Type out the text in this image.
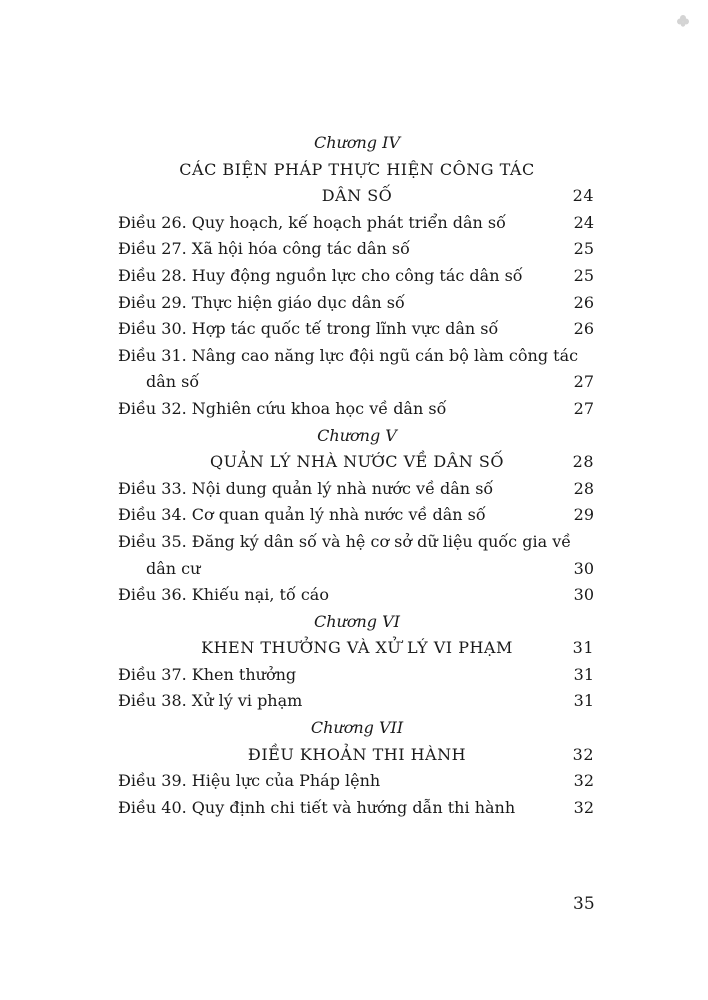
Chương IV
CÁC BIỆN PHÁP THỰC HIỆN CÔNG TÁC
DÂN SỐ	24
Điều 26. Quy hoạch, kế hoạch phát triển dân số	24
Điều 27. Xã hội hóa công tác dân số	25
Điều 28. Huy động nguồn lực cho công tác dân số	25
Điều 29. Thực hiện giáo dục dân số	26
Điều 30. Hợp tác quốc tế trong lĩnh vực dân số	26
Điều 31. Nâng cao năng lực đội ngũ cán bộ làm công tác
dân số	27
Điều 32. Nghiên cứu khoa học về dân số	27
Chương V
QUẢN LÝ NHÀ NƯỚC VỀ DÂN SỐ	28
Điều 33. Nội dung quản lý nhà nước về dân số	28
Điều 34. Cơ quan quản lý nhà nước về dân số	29
Điều 35. Đăng ký dân số và hệ cơ sở dữ liệu quốc gia về
dân cư	30
Điều 36. Khiếu nại, tố cáo	30
Chương VI
KHEN THƯỞNG VÀ XỬ LÝ VI PHẠM	31
Điều 37. Khen thưởng	31
Điều 38. Xử lý vi phạm	31
Chương VII
ĐIỀU KHOẢN THI HÀNH	32
Điều 39. Hiệu lực của Pháp lệnh	32
Điều 40. Quy định chi tiết và hướng dẫn thi hành	32
35
